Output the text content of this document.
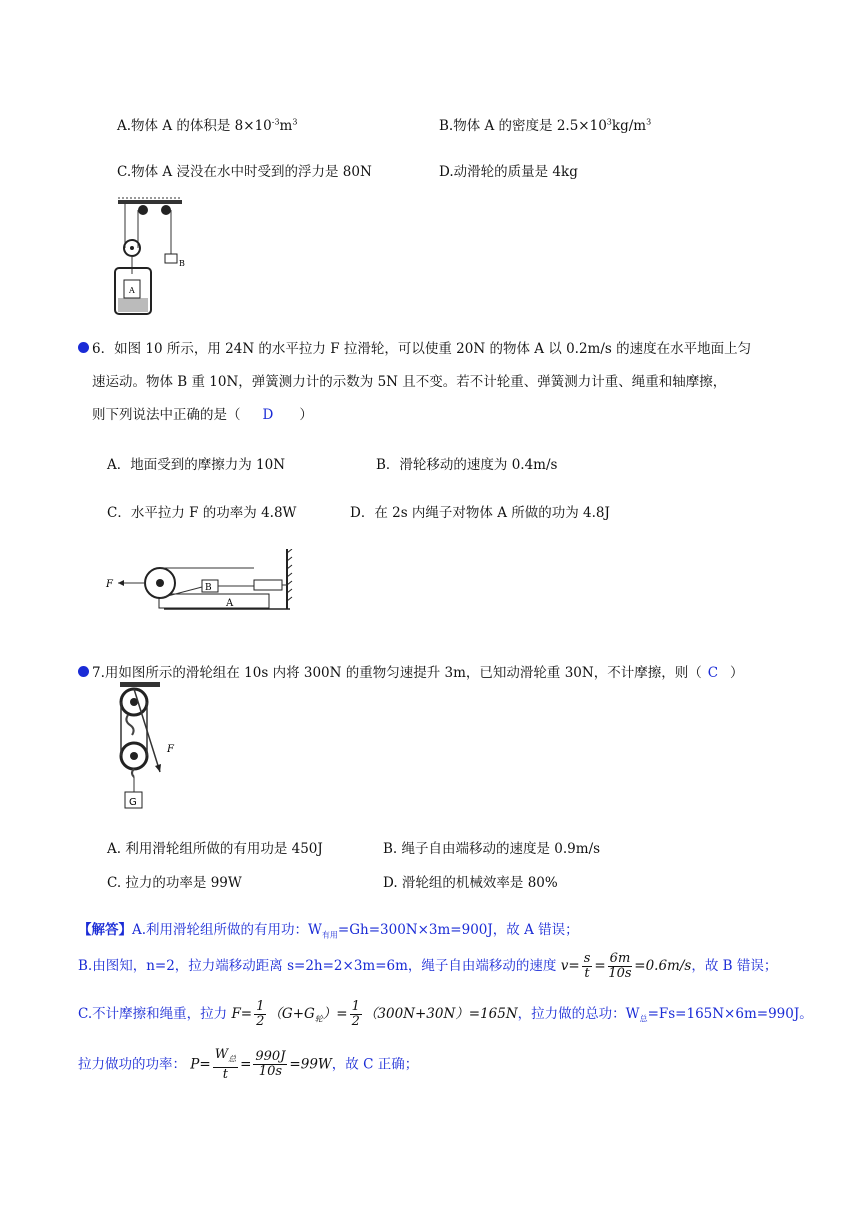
A.物体 A 的体积是 $8\times 10^{-3}m^3$	B.物体 A 的密度是 $2.5\times 10^3kg/m^3$
C.物体 A 浸没在水中时受到的浮力是 80N	D.动滑轮的质量是 4kg
B
A
6．如图 10 所示，用 24N 的水平拉力 F 拉滑轮，可以使重 20N 的物体 A 以 0.2m/s 的速度在水平地面上匀
速运动。物体 B 重 10N，弹簧测力计的示数为 5N 且不变。若不计轮重、弹簧测力计重、绳重和轴摩擦，
则下列说法中正确的是（ D ）
A．地面受到的摩擦力为 10N	B．滑轮移动的速度为 0.4m/s
C．水平拉力 F 的功率为 4.8W	D．在 2s 内绳子对物体 A 所做的功为 4.8J
A
B
F
7.用如图所示的滑轮组在 10s 内将 300N 的重物匀速提升 3m，已知动滑轮重 30N，不计摩擦，则（ C ）
F
G
A. 利用滑轮组所做的有用功是 450J	B. 绳子自由端移动的速度是 0.9m/s
C. 拉力的功率是 99W	D. 滑轮组的机械效率是 80%
【解答】A.利用滑轮组所做的有用功：$W_{有用}=Gh=300N\times 3m=900J$，故 A 错误；
B.由图知，n=2，拉力端移动距离 s=2h=2×3m=6m，绳子自由端移动的速度 $v= \frac{s}{t} = \frac{6m}{10s} =0.6m/s$，故 B 错误；
C.不计摩擦和绳重，拉力 $F= \frac{1}{2} (G+G_轮)= \frac{1}{2} (300N+30N)=165N$，拉力做的总功：$W_总=Fs=165N\times 6m=990J$。
拉力做功的功率： $P= \frac{W_总}{t} = \frac{990J}{10s} =99W$，故 C 正确；
